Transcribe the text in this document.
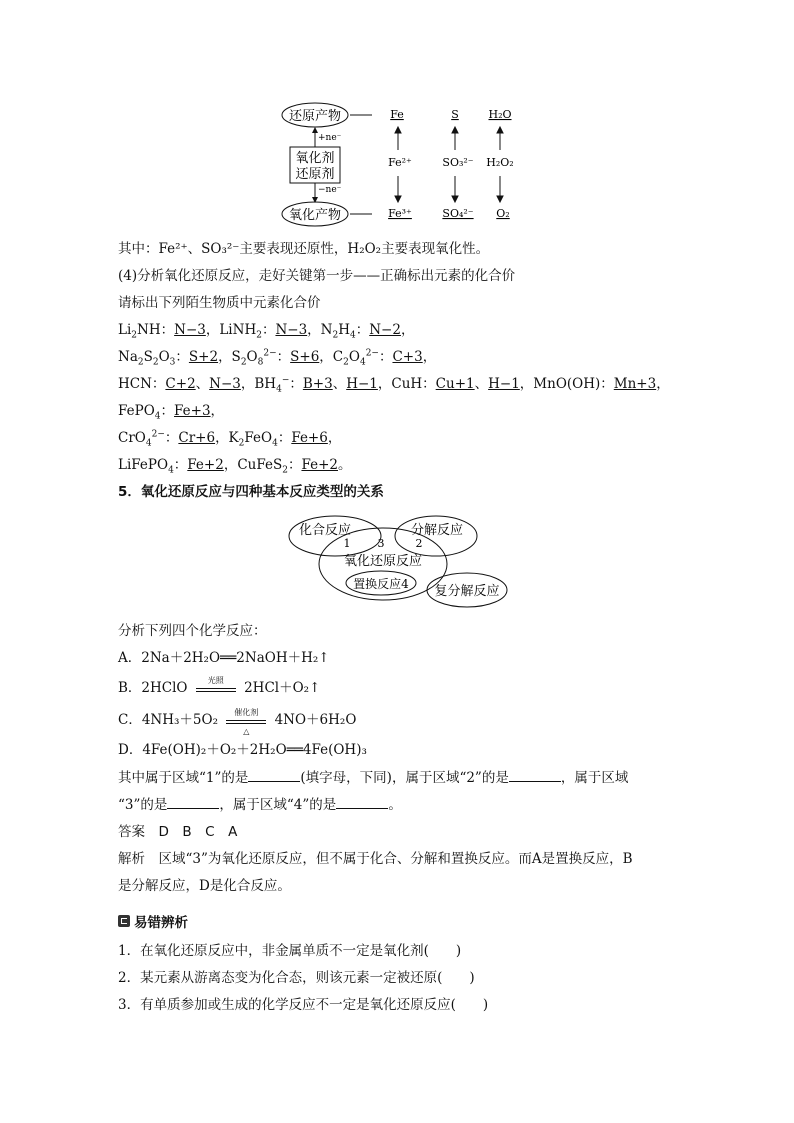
还原产物
+ne⁻
氧化剂
还原剂
−ne⁻
氧化产物
Fe
Fe²⁺
Fe³⁺
S
SO₃²⁻
SO₄²⁻
H₂O
H₂O₂
O₂
其中：Fe²⁺、SO₃²⁻主要表现还原性，H₂O₂主要表现氧化性。
(4)分析氧化还原反应，走好关键第一步——正确标出元素的化合价
请标出下列陌生物质中元素化合价
$Li_2NH$：N−3，LiNH$_2$：N−3，$N_2H_4$：N−2，
$Na_2S_2O_3$：S+2，$S_2O_8^{2-}$：S+6，$C_2O_4^{2-}$：C+3，
HCN：C+2、N−3，$BH_4^-$：B+3、H−1，CuH：Cu+1、H−1，MnO(OH)：Mn+3，
FePO$_4$：Fe+3，
CrO$_4^{2-}$：Cr+6，$K_2FeO_4$：Fe+6，
LiFePO$_4$：Fe+2，CuFeS$_2$：Fe+2。
5．氧化还原反应与四种基本反应类型的关系
化合反应	分解反应
1 3	2
氧化还原反应
置换反应4 复分解反应
分析下列四个化学反应：
A．2Na＋2H₂O══2NaOH＋H₂↑
B．2HClO	光照	2HCl＋O₂↑
C．4NH₃＋5O₂	催化剂
△
4NO＋6H₂O
D．4Fe(OH)₂＋O₂＋2H₂O══4Fe(OH)₃
其中属于区域“1”的是	(填字母，下同)，属于区域“2”的是	，属于区域
“3”的是	，属于区域“4”的是	。
答案　D　B　C　A
解析　区域“3”为氧化还原反应，但不属于化合、分解和置换反应。而A是置换反应，B
是分解反应，D是化合反应。
易错辨析
1．在氧化还原反应中，非金属单质不一定是氧化剂(　　)
2．某元素从游离态变为化合态，则该元素一定被还原(　　)
3．有单质参加或生成的化学反应不一定是氧化还原反应(　　)
